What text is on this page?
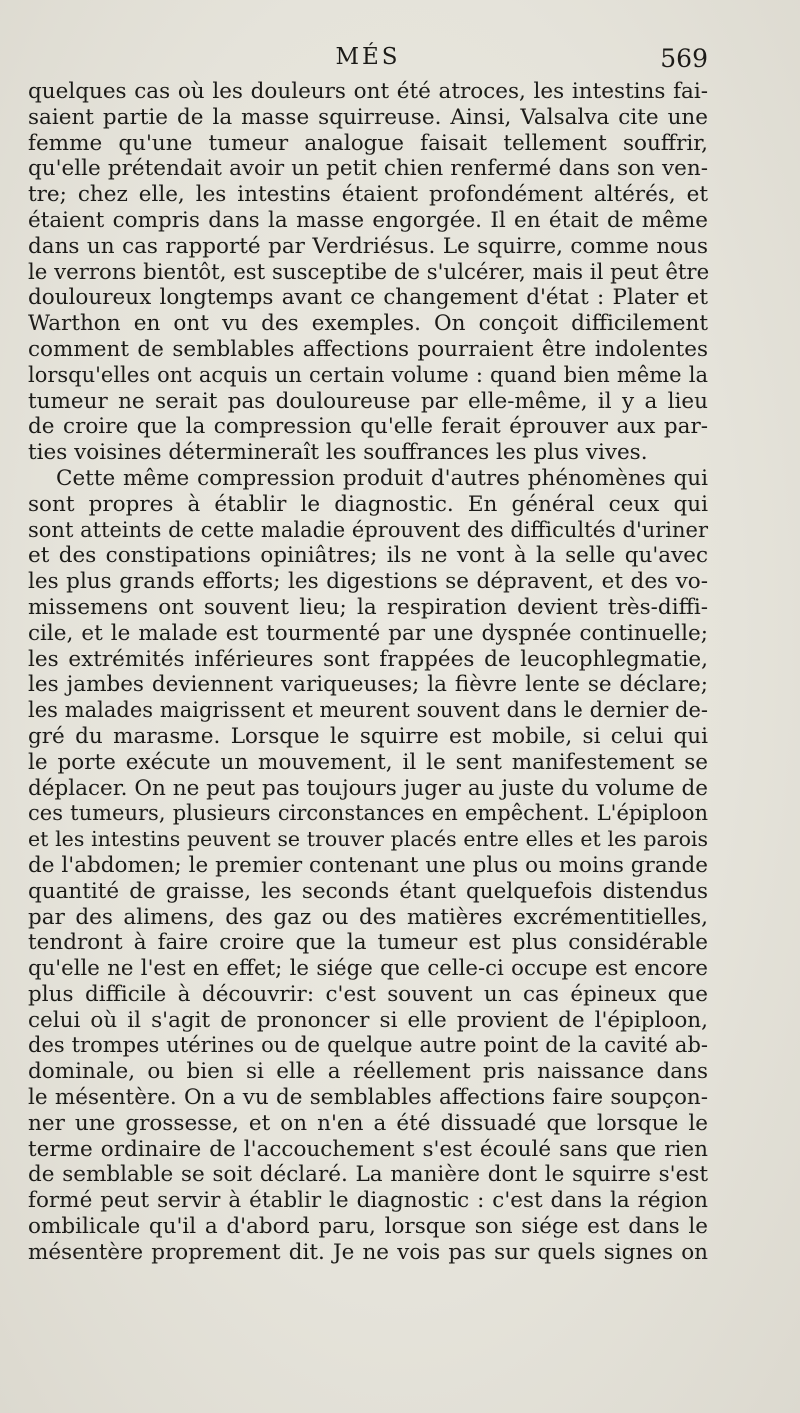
MÉS	569
quelques cas où les douleurs ont été atroces, les intestins fai-
saient partie de la masse squirreuse. Ainsi, Valsalva cite une
femme qu'une tumeur analogue faisait tellement souffrir,
qu'elle prétendait avoir un petit chien renfermé dans son ven-
tre; chez elle, les intestins étaient profondément altérés, et
étaient compris dans la masse engorgée. Il en était de même
dans un cas rapporté par Verdriésus. Le squirre, comme nous
le verrons bientôt, est susceptibe de s'ulcérer, mais il peut être
douloureux longtemps avant ce changement d'état : Plater et
Warthon en ont vu des exemples. On conçoit difficilement
comment de semblables affections pourraient être indolentes
lorsqu'elles ont acquis un certain volume : quand bien même la
tumeur ne serait pas douloureuse par elle-même, il y a lieu
de croire que la compression qu'elle ferait éprouver aux par-
ties voisines détermineraît les souffrances les plus vives.
Cette même compression produit d'autres phénomènes qui
sont propres à établir le diagnostic. En général ceux qui
sont atteints de cette maladie éprouvent des difficultés d'uriner
et des constipations opiniâtres; ils ne vont à la selle qu'avec
les plus grands efforts; les digestions se dépravent, et des vo-
missemens ont souvent lieu; la respiration devient très-diffi-
cile, et le malade est tourmenté par une dyspnée continuelle;
les extrémités inférieures sont frappées de leucophlegmatie,
les jambes deviennent variqueuses; la fièvre lente se déclare;
les malades maigrissent et meurent souvent dans le dernier de-
gré du marasme. Lorsque le squirre est mobile, si celui qui
le porte exécute un mouvement, il le sent manifestement se
déplacer. On ne peut pas toujours juger au juste du volume de
ces tumeurs, plusieurs circonstances en empêchent. L'épiploon
et les intestins peuvent se trouver placés entre elles et les parois
de l'abdomen; le premier contenant une plus ou moins grande
quantité de graisse, les seconds étant quelquefois distendus
par des alimens, des gaz ou des matières excrémentitielles,
tendront à faire croire que la tumeur est plus considérable
qu'elle ne l'est en effet; le siége que celle-ci occupe est encore
plus difficile à découvrir: c'est souvent un cas épineux que
celui où il s'agit de prononcer si elle provient de l'épiploon,
des trompes utérines ou de quelque autre point de la cavité ab-
dominale, ou bien si elle a réellement pris naissance dans
le mésentère. On a vu de semblables affections faire soupçon-
ner une grossesse, et on n'en a été dissuadé que lorsque le
terme ordinaire de l'accouchement s'est écoulé sans que rien
de semblable se soit déclaré. La manière dont le squirre s'est
formé peut servir à établir le diagnostic : c'est dans la région
ombilicale qu'il a d'abord paru, lorsque son siége est dans le
mésentère proprement dit. Je ne vois pas sur quels signes on
